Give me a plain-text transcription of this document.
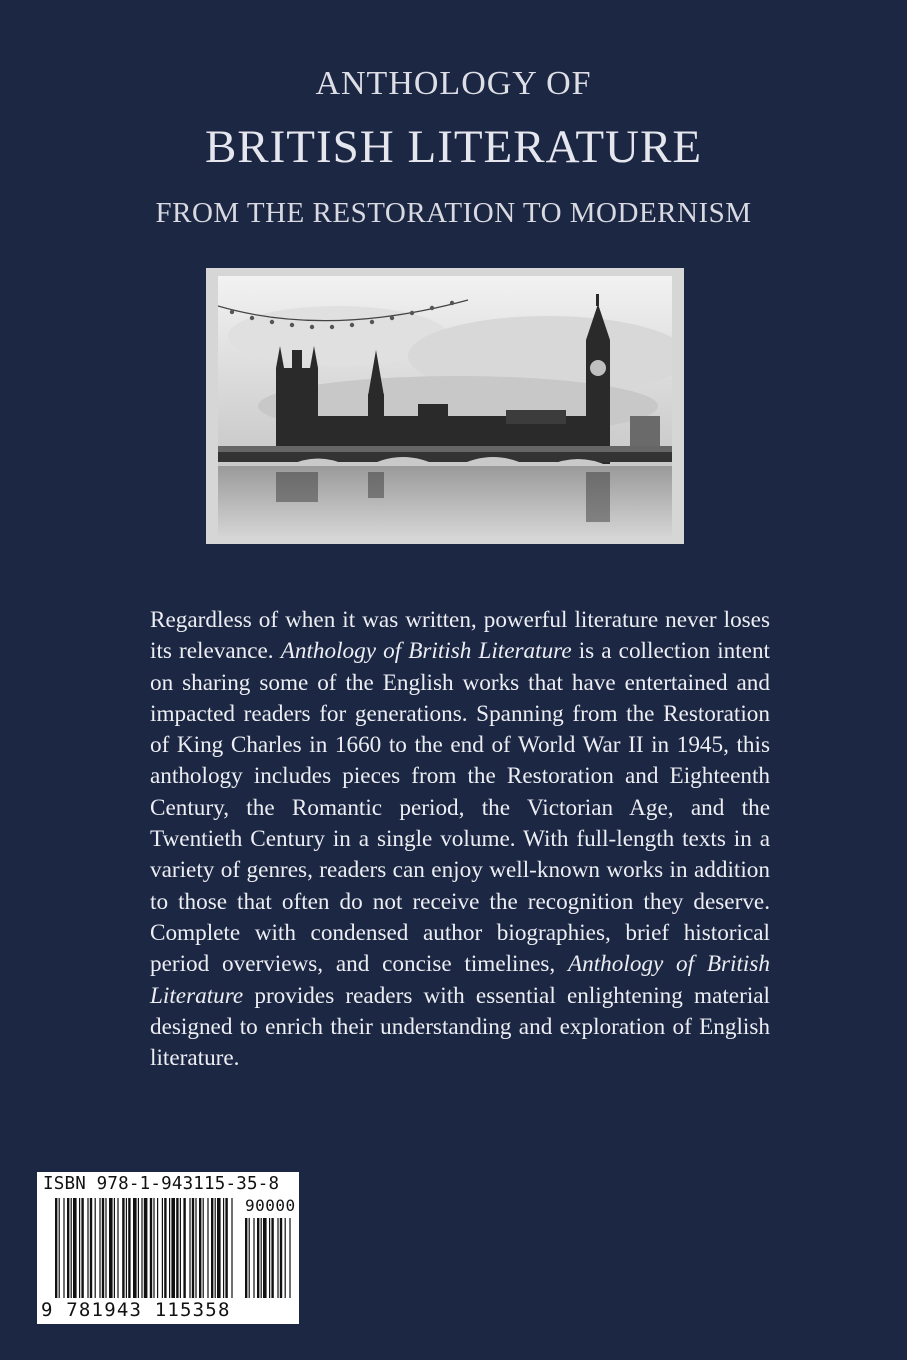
ANTHOLOGY OF
BRITISH LITERATURE
FROM THE RESTORATION TO MODERNISM
Regardless of when it was written, powerful literature never loses its relevance. Anthology of British Literature is a collection intent on sharing some of the English works that have entertained and impacted readers for generations. Spanning from the Restoration of King Charles in 1660 to the end of World War II in 1945, this anthology includes pieces from the Restoration and Eighteenth Century, the Romantic period, the Victorian Age, and the Twentieth Century in a single volume. With full-length texts in a variety of genres, readers can enjoy well-known works in addition to those that often do not receive the recognition they deserve. Complete with condensed author biographies, brief historical period overviews, and concise timelines, Anthology of British Literature provides readers with essential enlightening material designed to enrich their understanding and exploration of English literature.
ISBN 978-1-943115-35-8
90000
9 781943 115358
